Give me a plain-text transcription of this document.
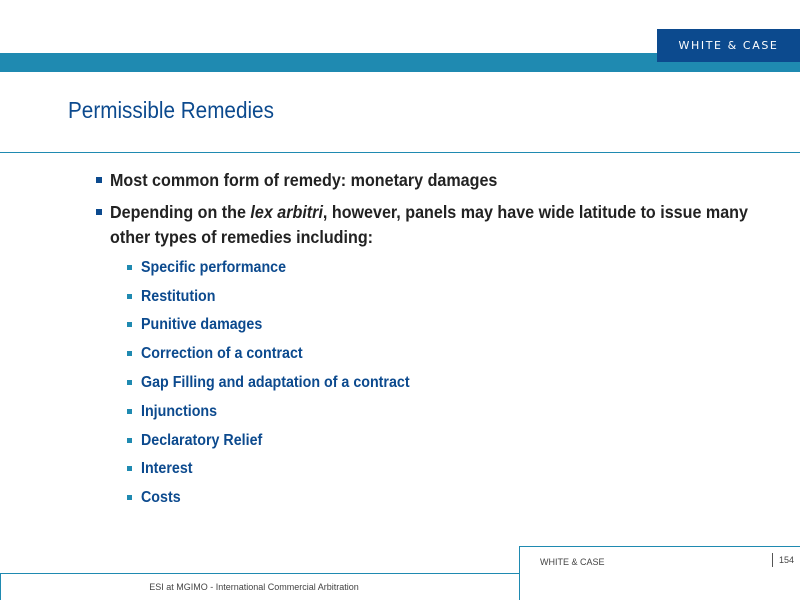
WHITE & CASE
Permissible Remedies
Most common form of remedy: monetary damages
Depending on the lex arbitri, however, panels may have wide latitude to issue many other types of remedies including:
Specific performance
Restitution
Punitive damages
Correction of a contract
Gap Filling and adaptation of a contract
Injunctions
Declaratory Relief
Interest
Costs
WHITE & CASE	154
ESI at MGIMO - International Commercial Arbitration
